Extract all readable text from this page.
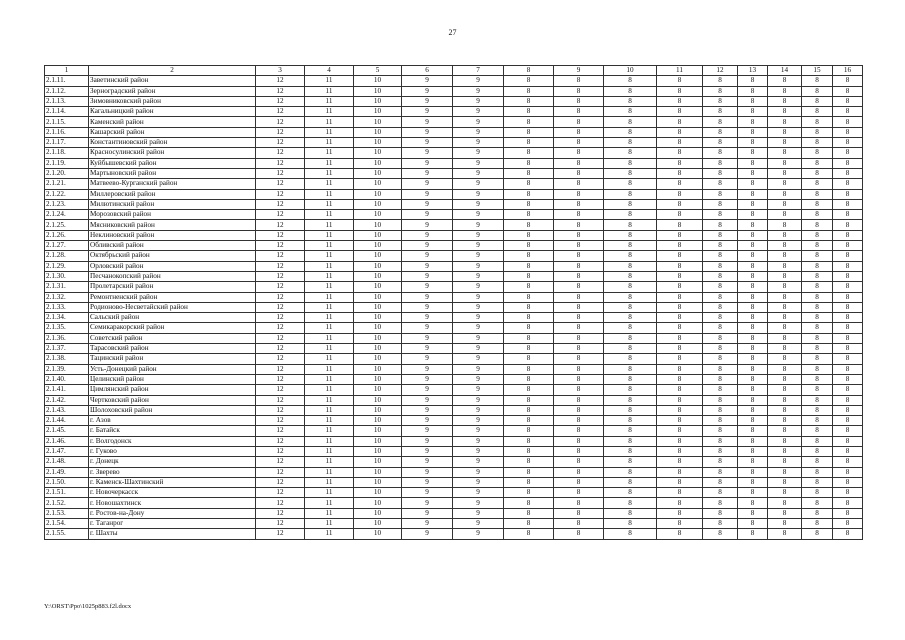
27
1	2	3	4	5	6	7	8	9	10	11	12	13	14	15	16
2.1.11.	Заветинский район	12	11	10	9	9	8	8	8	8	8	8	8	8	8
2.1.12.	Зерноградский район	12	11	10	9	9	8	8	8	8	8	8	8	8	8
2.1.13.	Зимовниковский район	12	11	10	9	9	8	8	8	8	8	8	8	8	8
2.1.14.	Кагальницкий район	12	11	10	9	9	8	8	8	8	8	8	8	8	8
2.1.15.	Каменский район	12	11	10	9	9	8	8	8	8	8	8	8	8	8
2.1.16.	Кашарский район	12	11	10	9	9	8	8	8	8	8	8	8	8	8
2.1.17.	Константиновский район	12	11	10	9	9	8	8	8	8	8	8	8	8	8
2.1.18.	Красносулинский район	12	11	10	9	9	8	8	8	8	8	8	8	8	8
2.1.19.	Куйбышевский район	12	11	10	9	9	8	8	8	8	8	8	8	8	8
2.1.20.	Мартыновский район	12	11	10	9	9	8	8	8	8	8	8	8	8	8
2.1.21.	Матвеево-Курганский район	12	11	10	9	9	8	8	8	8	8	8	8	8	8
2.1.22.	Миллеровский район	12	11	10	9	9	8	8	8	8	8	8	8	8	8
2.1.23.	Милютинский район	12	11	10	9	9	8	8	8	8	8	8	8	8	8
2.1.24.	Морозовский район	12	11	10	9	9	8	8	8	8	8	8	8	8	8
2.1.25.	Мясниковский район	12	11	10	9	9	8	8	8	8	8	8	8	8	8
2.1.26.	Неклиновский район	12	11	10	9	9	8	8	8	8	8	8	8	8	8
2.1.27.	Обливский район	12	11	10	9	9	8	8	8	8	8	8	8	8	8
2.1.28.	Октябрьский район	12	11	10	9	9	8	8	8	8	8	8	8	8	8
2.1.29.	Орловский район	12	11	10	9	9	8	8	8	8	8	8	8	8	8
2.1.30.	Песчанокопский район	12	11	10	9	9	8	8	8	8	8	8	8	8	8
2.1.31.	Пролетарский район	12	11	10	9	9	8	8	8	8	8	8	8	8	8
2.1.32.	Ремонтненский район	12	11	10	9	9	8	8	8	8	8	8	8	8	8
2.1.33.	Родионово-Несветайский район	12	11	10	9	9	8	8	8	8	8	8	8	8	8
2.1.34.	Сальский район	12	11	10	9	9	8	8	8	8	8	8	8	8	8
2.1.35.	Семикаракорский район	12	11	10	9	9	8	8	8	8	8	8	8	8	8
2.1.36.	Советский район	12	11	10	9	9	8	8	8	8	8	8	8	8	8
2.1.37.	Тарасовский район	12	11	10	9	9	8	8	8	8	8	8	8	8	8
2.1.38.	Тацинский район	12	11	10	9	9	8	8	8	8	8	8	8	8	8
2.1.39.	Усть-Донецкий район	12	11	10	9	9	8	8	8	8	8	8	8	8	8
2.1.40.	Целинский район	12	11	10	9	9	8	8	8	8	8	8	8	8	8
2.1.41.	Цимлянский район	12	11	10	9	9	8	8	8	8	8	8	8	8	8
2.1.42.	Чертковский район	12	11	10	9	9	8	8	8	8	8	8	8	8	8
2.1.43.	Шолоховский район	12	11	10	9	9	8	8	8	8	8	8	8	8	8
2.1.44.	г. Азов	12	11	10	9	9	8	8	8	8	8	8	8	8	8
2.1.45.	г. Батайск	12	11	10	9	9	8	8	8	8	8	8	8	8	8
2.1.46.	г. Волгодонск	12	11	10	9	9	8	8	8	8	8	8	8	8	8
2.1.47.	г. Гуково	12	11	10	9	9	8	8	8	8	8	8	8	8	8
2.1.48.	г. Донецк	12	11	10	9	9	8	8	8	8	8	8	8	8	8
2.1.49.	г. Зверево	12	11	10	9	9	8	8	8	8	8	8	8	8	8
2.1.50.	г. Каменск-Шахтинский	12	11	10	9	9	8	8	8	8	8	8	8	8	8
2.1.51.	г. Новочеркасск	12	11	10	9	9	8	8	8	8	8	8	8	8	8
2.1.52.	г. Новошахтинск	12	11	10	9	9	8	8	8	8	8	8	8	8	8
2.1.53.	г. Ростов-на-Дону	12	11	10	9	9	8	8	8	8	8	8	8	8	8
2.1.54.	г. Таганрог	12	11	10	9	9	8	8	8	8	8	8	8	8	8
2.1.55.	г. Шахты	12	11	10	9	9	8	8	8	8	8	8	8	8	8
Y:\ORST\Ppo\1025p883.f2l.docx
